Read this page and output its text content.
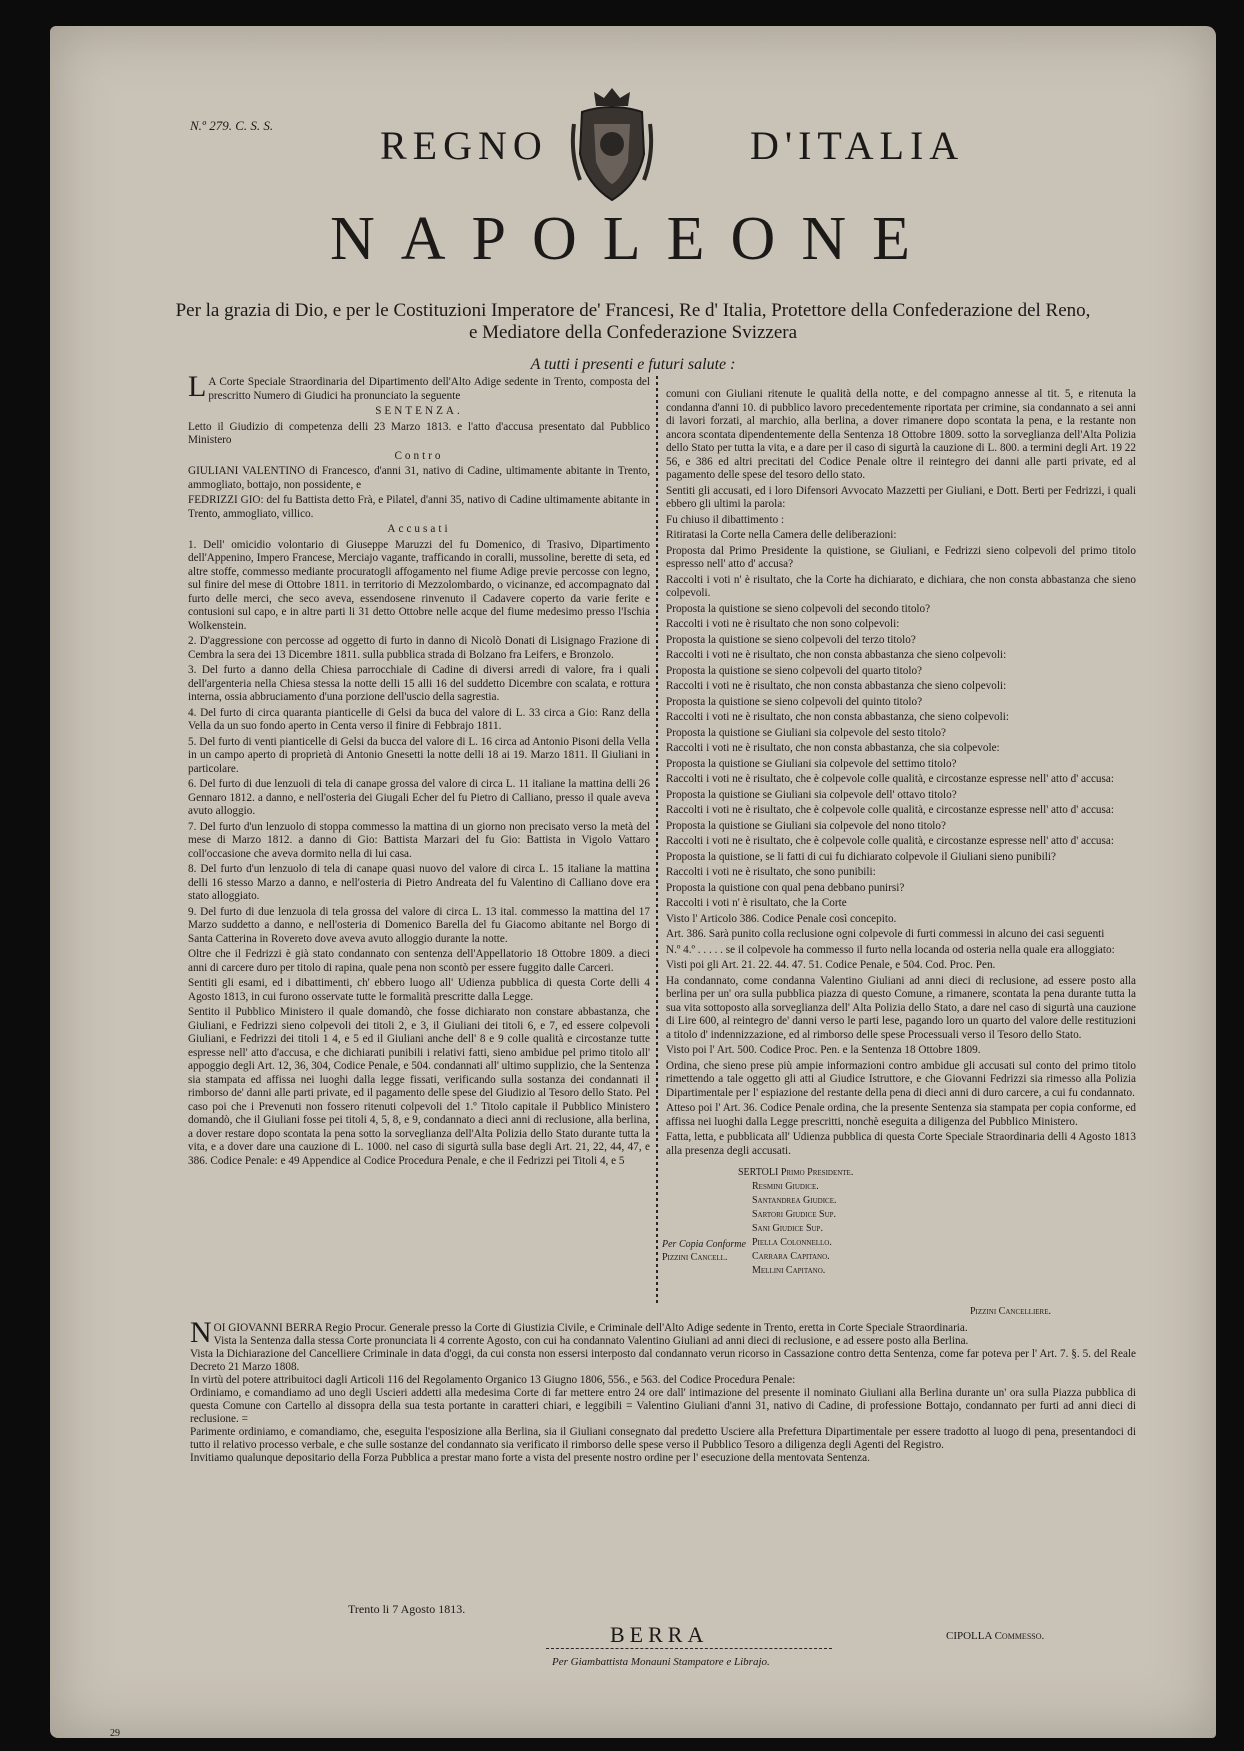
N.º 279. C. S. S.	REGNO	D'ITALIA
NAPOLEONE
Per la grazia di Dio, e per le Costituzioni Imperatore de' Francesi, Re d' Italia, Protettore della Confederazione del Reno, e Mediatore della Confederazione Svizzera
A tutti i presenti e futuri salute :

L A Corte Speciale Straordinaria del Dipartimento dell'Alto Adige sedente in Trento, composta del prescritto Numero di Giudici ha pronunciato la seguente

SENTENZA.

Letto il Giudizio di competenza delli 23 Marzo 1813. e l'atto d'accusa presentato dal Pubblico Ministero

Contro

GIULIANI VALENTINO di Francesco, d'anni 31, nativo di Cadine, ultimamente abitante in Trento, ammogliato, bottajo, non possidente, e

FEDRIZZI GIO: del fu Battista detto Frà, e Pilatel, d'anni 35, nativo di Cadine ultimamente abitante in Trento, ammogliato, villico.

Accusati

1. Dell' omicidio volontario di Giuseppe Maruzzi del fu Domenico, di Trasivo, Dipartimento dell'Appenino, Impero Francese, Merciajo vagante, trafficando in coralli, mussoline, berette di seta, ed altre stoffe, commesso mediante procuratogli affogamento nel fiume Adige previe percosse con legno, sul finire del mese di Ottobre 1811. in territorio di Mezzolombardo, o vicinanze, ed accompagnato dal furto delle merci, che seco aveva, essendosene rinvenuto il Cadavere coperto da varie ferite e contusioni sul capo, e in altre parti li 31 detto Ottobre nelle acque del fiume medesimo presso l'Ischia Wolkenstein.

2. D'aggressione con percosse ad oggetto di furto in danno di Nicolò Donati di Lisignago Frazione di Cembra la sera dei 13 Dicembre 1811. sulla pubblica strada di Bolzano fra Leifers, e Bronzolo.

3. Del furto a danno della Chiesa parrocchiale di Cadine di diversi arredi di valore, fra i quali dell'argenteria nella Chiesa stessa la notte delli 15 alli 16 del suddetto Dicembre con scalata, e rottura interna, ossia abbruciamento d'una porzione dell'uscio della sagrestia.

4. Del furto di circa quaranta pianticelle di Gelsi da buca del valore di L. 33 circa a Gio: Ranz della Vella da un suo fondo aperto in Centa verso il finire di Febbrajo 1811.

5. Del furto di venti pianticelle di Gelsi da bucca del valore di L. 16 circa ad Antonio Pisoni della Vella in un campo aperto di proprietà di Antonio Gnesetti la notte delli 18 ai 19. Marzo 1811. Il Giuliani in particolare.

6. Del furto di due lenzuoli di tela di canape grossa del valore di circa L. 11 italiane la mattina delli 26 Gennaro 1812. a danno, e nell'osteria dei Giugali Echer del fu Pietro di Calliano, presso il quale aveva avuto alloggio.

7. Del furto d'un lenzuolo di stoppa commesso la mattina di un giorno non precisato verso la metà del mese di Marzo 1812. a danno di Gio: Battista Marzari del fu Gio: Battista in Vigolo Vattaro coll'occasione che aveva dormito nella di lui casa.

8. Del furto d'un lenzuolo di tela di canape quasi nuovo del valore di circa L. 15 italiane la mattina delli 16 stesso Marzo a danno, e nell'osteria di Pietro Andreata del fu Valentino di Calliano dove era stato alloggiato.

9. Del furto di due lenzuola di tela grossa del valore di circa L. 13 ital. commesso la mattina del 17 Marzo suddetto a danno, e nell'osteria di Domenico Barella del fu Giacomo abitante nel Borgo di Santa Catterina in Rovereto dove aveva avuto alloggio durante la notte.

Oltre che il Fedrizzi è già stato condannato con sentenza dell'Appellatorio 18 Ottobre 1809. a dieci anni di carcere duro per titolo di rapina, quale pena non scontò per essere fuggito dalle Carceri.

Sentiti gli esami, ed i dibattimenti, ch' ebbero luogo all' Udienza pubblica di questa Corte delli 4 Agosto 1813, in cui furono osservate tutte le formalità prescritte dalla Legge.

Sentito il Pubblico Ministero il quale domandò, che fosse dichiarato non constare abbastanza, che Giuliani, e Fedrizzi sieno colpevoli dei titoli 2, e 3, il Giuliani dei titoli 6, e 7, ed essere colpevoli Giuliani, e Fedrizzi dei titoli 1 4, e 5 ed il Giuliani anche dell' 8 e 9 colle qualità e circostanze tutte espresse nell' atto d'accusa, e che dichiarati punibili i relativi fatti, sieno ambidue pel primo titolo all' appoggio degli Art. 12, 36, 304, Codice Penale, e 504. condannati all' ultimo supplizio, che la Sentenza sia stampata ed affissa nei luoghi dalla legge fissati, verificando sulla sostanza dei condannati il rimborso de' danni alle parti private, ed il pagamento delle spese del Giudizio al Tesoro dello Stato. Pel caso poi che i Prevenuti non fossero ritenuti colpevoli del 1.º Titolo capitale il Pubblico Ministero domandò, che il Giuliani fosse pei titoli 4, 5, 8, e 9, condannato a dieci anni di reclusione, alla berlina, a dover restare dopo scontata la pena sotto la sorveglianza dell'Alta Polizia dello Stato durante tutta la vita, e a dover dare una cauzione di L. 1000. nel caso di sigurtà sulla base degli Art. 21, 22, 44, 47, e 386. Codice Penale: e 49 Appendice al Codice Procedura Penale, e che il Fedrizzi pei Titoli 4, e 5

comuni con Giuliani ritenute le qualità della notte, e del compagno annesse al tit. 5, e ritenuta la condanna d'anni 10. di pubblico lavoro precedentemente riportata per crimine, sia condannato a sei anni di lavori forzati, al marchio, alla berlina, a dover rimanere dopo scontata la pena, e la restante non ancora scontata dipendentemente della Sentenza 18 Ottobre 1809. sotto la sorveglianza dell'Alta Polizia dello Stato per tutta la vita, e a dare per il caso di sigurtà la cauzione di L. 800. a termini degli Art. 19 22 56, e 386 ed altri precitati del Codice Penale oltre il reintegro dei danni alle parti private, ed al pagamento delle spese del tesoro dello stato.

Sentiti gli accusati, ed i loro Difensori Avvocato Mazzetti per Giuliani, e Dott. Berti per Fedrizzi, i quali ebbero gli ultimi la parola:

Fu chiuso il dibattimento :

Ritiratasi la Corte nella Camera delle deliberazioni:

Proposta dal Primo Presidente la quistione, se Giuliani, e Fedrizzi sieno colpevoli del primo titolo espresso nell' atto d' accusa?

Raccolti i voti n' è risultato, che la Corte ha dichiarato, e dichiara, che non consta abbastanza che sieno colpevoli.

Proposta la quistione se sieno colpevoli del secondo titolo?

Raccolti i voti ne è risultato che non sono colpevoli:

Proposta la quistione se sieno colpevoli del terzo titolo?

Raccolti i voti ne è risultato, che non consta abbastanza che sieno colpevoli:

Proposta la quistione se sieno colpevoli del quarto titolo?

Raccolti i voti ne è risultato, che non consta abbastanza che sieno colpevoli:

Proposta la quistione se sieno colpevoli del quinto titolo?

Raccolti i voti ne è risultato, che non consta abbastanza, che sieno colpevoli:

Proposta la quistione se Giuliani sia colpevole del sesto titolo?

Raccolti i voti ne è risultato, che non consta abbastanza, che sia colpevole:

Proposta la quistione se Giuliani sia colpevole del settimo titolo?

Raccolti i voti ne è risultato, che è colpevole colle qualità, e circostanze espresse nell' atto d' accusa:

Proposta la quistione se Giuliani sia colpevole dell' ottavo titolo?

Raccolti i voti ne è risultato, che è colpevole colle qualità, e circostanze espresse nell' atto d' accusa:

Proposta la quistione se Giuliani sia colpevole del nono titolo?

Raccolti i voti ne è risultato, che è colpevole colle qualità, e circostanze espresse nell' atto d' accusa:

Proposta la quistione, se li fatti di cui fu dichiarato colpevole il Giuliani sieno punibili?

Raccolti i voti ne è risultato, che sono punibili:

Proposta la quistione con qual pena debbano punirsi?

Raccolti i voti n' è risultato, che la Corte

Visto l' Articolo 386. Codice Penale così concepito.

Art. 386. Sarà punito colla reclusione ogni colpevole di furti commessi in alcuno dei casi seguenti

N.º 4.º . . . . . se il colpevole ha commesso il furto nella locanda od osteria nella quale era alloggiato:

Visti poi gli Art. 21. 22. 44. 47. 51. Codice Penale, e 504. Cod. Proc. Pen.

Ha condannato, come condanna Valentino Giuliani ad anni dieci di reclusione, ad essere posto alla berlina per un' ora sulla pubblica piazza di questo Comune, a rimanere, scontata la pena durante tutta la sua vita sottoposto alla sorveglianza dell' Alta Polizia dello Stato, a dare nel caso di sigurtà una cauzione di Lire 600, al reintegro de' danni verso le parti lese, pagando loro un quarto del valore delle restituzioni a titolo d' indennizzazione, ed al rimborso delle spese Processuali verso il Tesoro dello Stato.

Visto poi l' Art. 500. Codice Proc. Pen. e la Sentenza 18 Ottobre 1809.

Ordina, che sieno prese più ampie informazioni contro ambidue gli accusati sul conto del primo titolo rimettendo a tale oggetto gli atti al Giudice Istruttore, e che Giovanni Fedrizzi sia rimesso alla Polizia Dipartimentale per l' espiazione del restante della pena di dieci anni di duro carcere, a cui fu condannato.

Atteso poi l' Art. 36. Codice Penale ordina, che la presente Sentenza sia stampata per copia conforme, ed affissa nei luoghi dalla Legge prescritti, nonchè eseguita a diligenza del Pubblico Ministero.

Fatta, letta, e pubblicata all' Udienza pubblica di questa Corte Speciale Straordinaria delli 4 Agosto 1813 alla presenza degli accusati.

SERTOLI Primo Presidente.
Resmini Giudice.
Santandrea Giudice.
Sartori Giudice Sup.
Sani Giudice Sup.
Piella Colonnello.
Carrara Capitano.
Mellini Capitano.
Per Copia Conforme
Pizzini Cancell.
Pizzini Cancelliere.

NOI GIOVANNI BERRA Regio Procur. Generale presso la Corte di Giustizia Civile, e Criminale dell'Alto Adige sedente in Trento, eretta in Corte Speciale Straordinaria.

Vista la Sentenza dalla stessa Corte pronunciata li 4 corrente Agosto, con cui ha condannato Valentino Giuliani ad anni dieci di reclusione, e ad essere posto alla Berlina.

Vista la Dichiarazione del Cancelliere Criminale in data d'oggi, da cui consta non essersi interposto dal condannato verun ricorso in Cassazione contro detta Sentenza, come far poteva per l' Art. 7. §. 5. del Reale Decreto 21 Marzo 1808.

In virtù del potere attribuitoci dagli Articoli 116 del Regolamento Organico 13 Giugno 1806, 556., e 563. del Codice Procedura Penale:

Ordiniamo, e comandiamo ad uno degli Uscieri addetti alla medesima Corte di far mettere entro 24 ore dall' intimazione del presente il nominato Giuliani alla Berlina durante un' ora sulla Piazza pubblica di questa Comune con Cartello al dissopra della sua testa portante in caratteri chiari, e leggibili = Valentino Giuliani d'anni 31, nativo di Cadine, di professione Bottajo, condannato per furti ad anni dieci di reclusione. =

Parimente ordiniamo, e comandiamo, che, eseguita l'esposizione alla Berlina, sia il Giuliani consegnato dal predetto Usciere alla Prefettura Dipartimentale per essere tradotto al luogo di pena, presentandoci di tutto il relativo processo verbale, e che sulle sostanze del condannato sia verificato il rimborso delle spese verso il Pubblico Tesoro a diligenza degli Agenti del Registro.

Invitiamo qualunque depositario della Forza Pubblica a prestar mano forte a vista del presente nostro ordine per l' esecuzione della mentovata Sentenza.

Trento li 7 Agosto 1813.
BERRA	CIPOLLA Commesso.
Per Giambattista Monauni Stampatore e Librajo.
29
